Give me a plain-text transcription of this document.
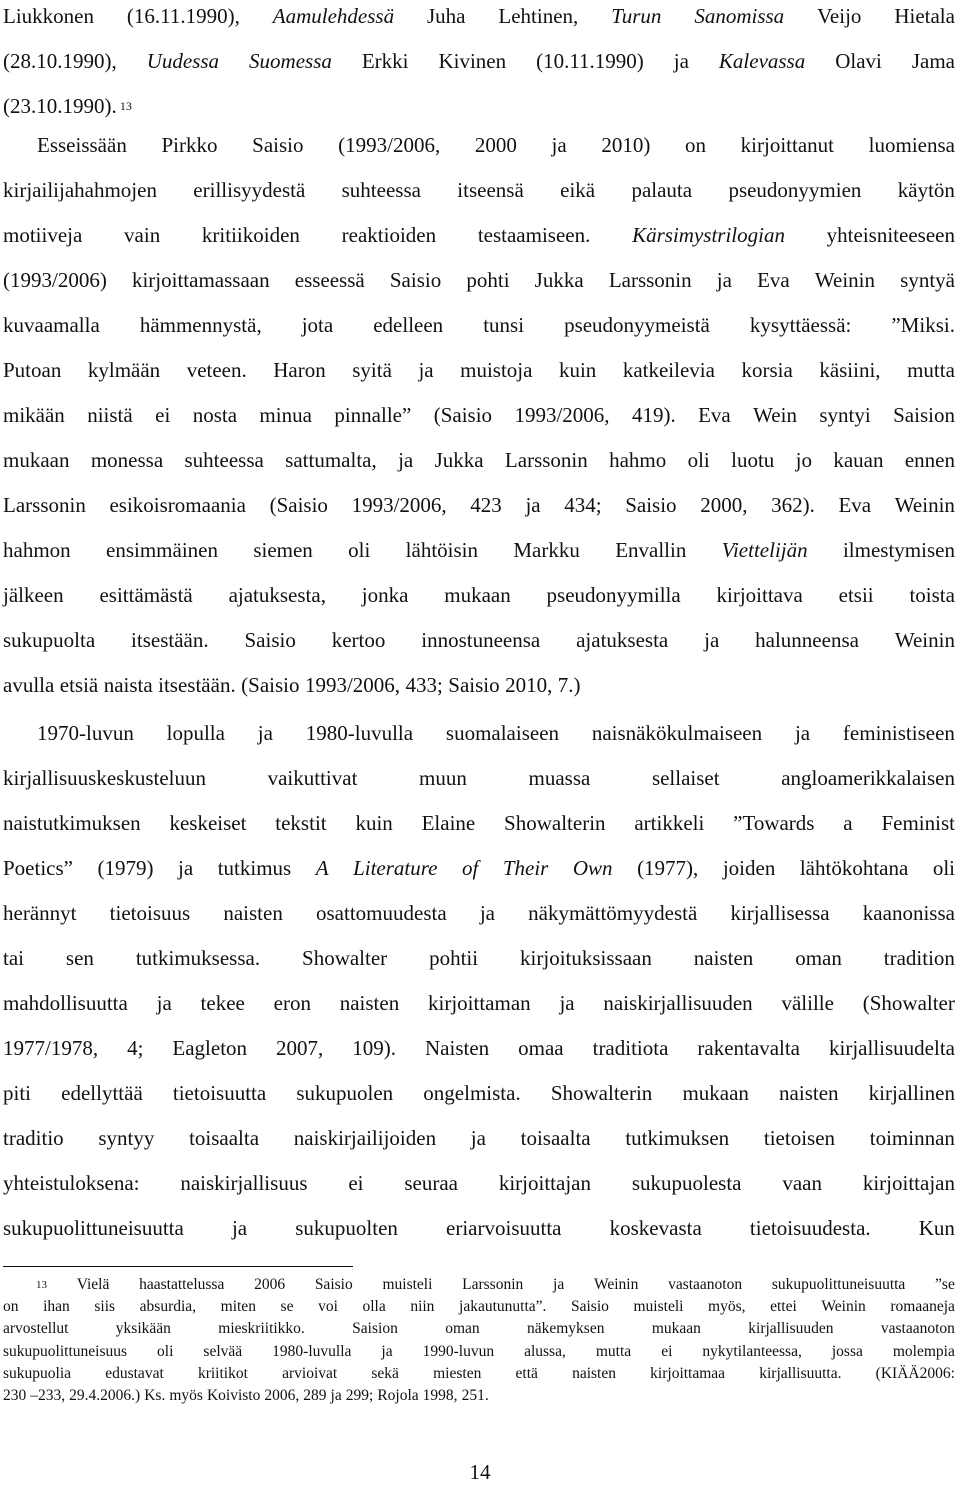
Liukkonen (16.11.1990), Aamulehdessä Juha Lehtinen, Turun Sanomissa Veijo Hietala
(28.10.1990), Uudessa Suomessa Erkki Kivinen (10.11.1990) ja Kalevassa Olavi Jama
(23.10.1990). 13
Esseissään Pirkko Saisio (1993/2006, 2000 ja 2010) on kirjoittanut luomiensa
kirjailijahahmojen erillisyydestä suhteessa itseensä eikä palauta pseudonyymien käytön
motiiveja vain kritiikoiden reaktioiden testaamiseen. Kärsimystrilogian yhteisniteeseen
(1993/2006) kirjoittamassaan esseessä Saisio pohti Jukka Larssonin ja Eva Weinin syntyä
kuvaamalla hämmennystä, jota edelleen tunsi pseudonyymeistä kysyttäessä: ”Miksi.
Putoan kylmään veteen. Haron syitä ja muistoja kuin katkeilevia korsia käsiini, mutta
mikään niistä ei nosta minua pinnalle” (Saisio 1993/2006, 419). Eva Wein syntyi Saision
mukaan monessa suhteessa sattumalta, ja Jukka Larssonin hahmo oli luotu jo kauan ennen
Larssonin esikoisromaania (Saisio 1993/2006, 423 ja 434; Saisio 2000, 362). Eva Weinin
hahmon ensimmäinen siemen oli lähtöisin Markku Envallin Viettelijän ilmestymisen
jälkeen esittämästä ajatuksesta, jonka mukaan pseudonyymilla kirjoittava etsii toista
sukupuolta itsestään. Saisio kertoo innostuneensa ajatuksesta ja halunneensa Weinin
avulla etsiä naista itsestään. (Saisio 1993/2006, 433; Saisio 2010, 7.)
1970-luvun lopulla ja 1980-luvulla suomalaiseen naisnäkökulmaiseen ja feministiseen
kirjallisuuskeskusteluun	vaikuttivat	muun	muassa	sellaiset	angloamerikkalaisen
naistutkimuksen keskeiset tekstit kuin Elaine Showalterin artikkeli ”Towards a Feminist
Poetics” (1979) ja tutkimus A Literature of Their Own (1977), joiden lähtökohtana oli
herännyt tietoisuus naisten osattomuudesta ja näkymättömyydestä kirjallisessa kaanonissa
tai sen tutkimuksessa. Showalter pohtii kirjoituksissaan naisten oman tradition
mahdollisuutta ja tekee eron naisten kirjoittaman ja naiskirjallisuuden välille (Showalter
1977/1978, 4; Eagleton 2007, 109). Naisten omaa traditiota rakentavalta kirjallisuudelta
piti edellyttää tietoisuutta sukupuolen ongelmista. Showalterin mukaan naisten kirjallinen
traditio syntyy toisaalta naiskirjailijoiden ja toisaalta tutkimuksen tietoisen toiminnan
yhteistuloksena: naiskirjallisuus ei seuraa kirjoittajan sukupuolesta vaan kirjoittajan
sukupuolittuneisuutta ja sukupuolten eriarvoisuutta koskevasta tietoisuudesta. Kun
13 Vielä haastattelussa 2006 Saisio muisteli Larssonin ja Weinin vastaanoton sukupuolittuneisuutta ”se
on ihan siis absurdia, miten se voi olla niin jakautunutta”. Saisio muisteli myös, ettei Weinin romaaneja
arvostellut	yksikään	mieskriitikko.	Saision	oman	näkemyksen	mukaan	kirjallisuuden	vastaanoton
sukupuolittuneisuus oli selvää 1980-luvulla ja 1990-luvun alussa, mutta ei nykytilanteessa, jossa molempia
sukupuolia edustavat kriitikot arvioivat sekä miesten että naisten kirjoittamaa kirjallisuutta. (KIÄÄ2006:
230 –233, 29.4.2006.) Ks. myös Koivisto 2006, 289 ja 299; Rojola 1998, 251.
14
